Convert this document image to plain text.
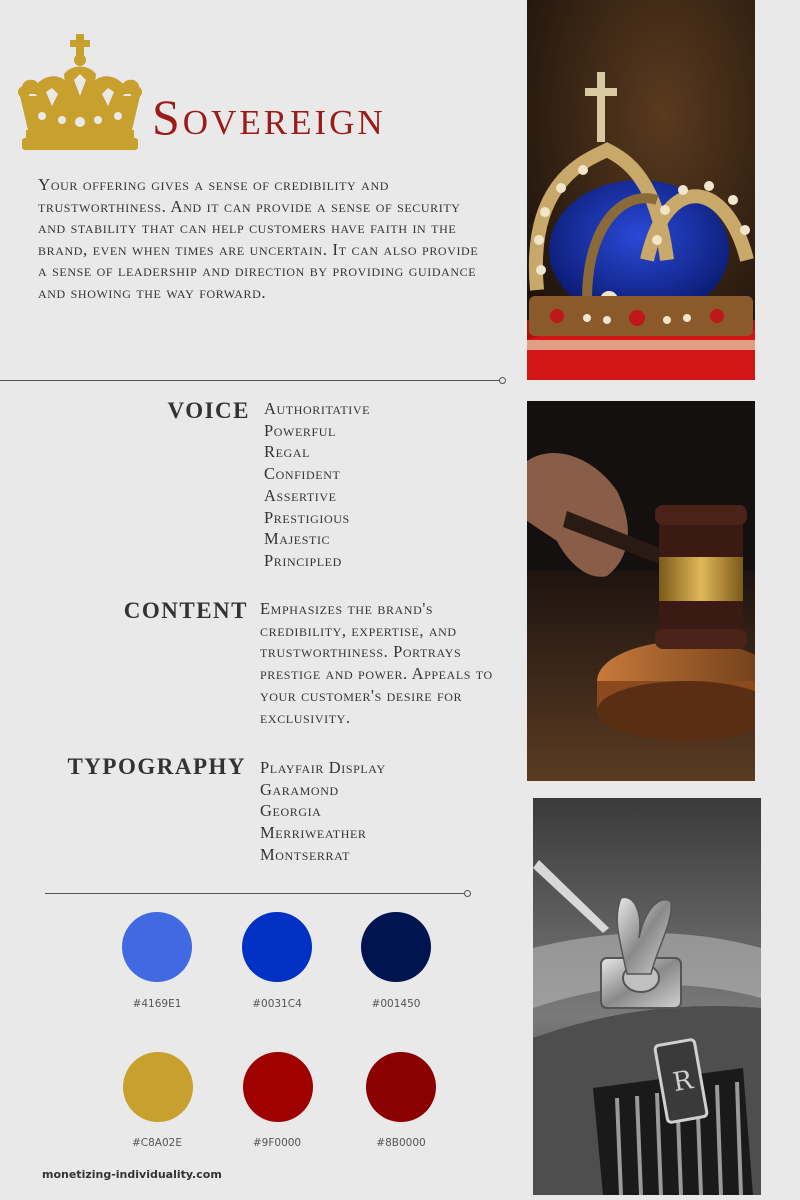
Sovereign

Your offering gives a sense of credibility and trustworthiness. And it can provide a sense of security and stability that can help customers have faith in the brand, even when times are uncertain. It can also provide a sense of leadership and direction by providing guidance and showing the way forward.

VOICE Authoritative
Powerful
Regal
Confident
Assertive
Prestigious
Majestic
Principled
CONTENT Emphasizes the brand's credibility, expertise, and trustworthiness. Portrays prestige and power. Appeals to your customer's desire for exclusivity.

TYPOGRAPHY Playfair Display
Garamond
Georgia
Merriweather
Montserrat
#4169E1	#0031C4	#001450
#C8A02E	#9F0000	#8B0000
monetizing-individuality.com
R
